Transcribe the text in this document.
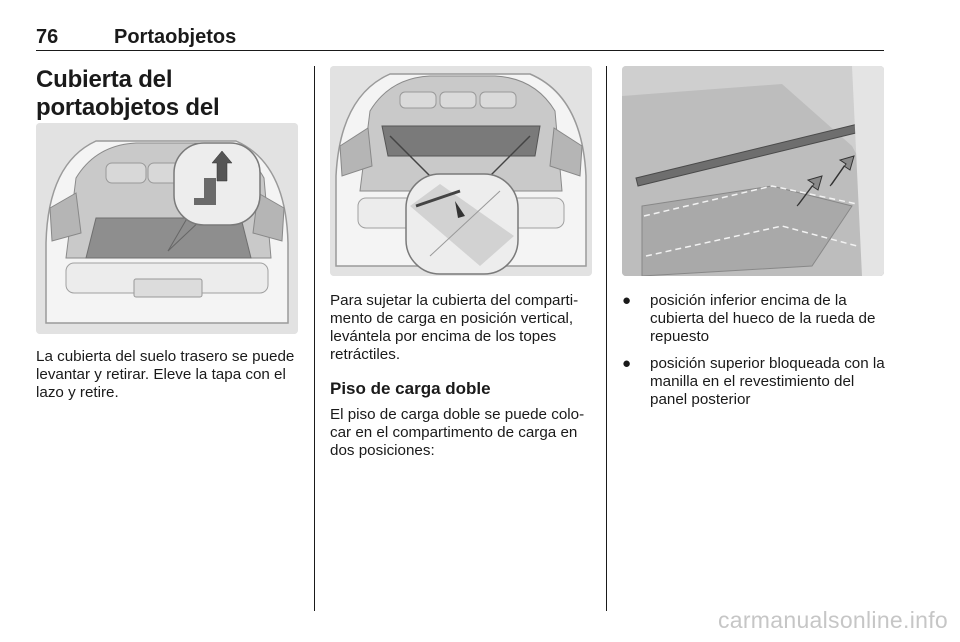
76	Portaobjetos
Cubierta del portaobjetos del

La cubierta del suelo trasero se puede levantar y retirar. Eleve la tapa con el lazo y retire.

Para sujetar la cubierta del comparti-mento de carga en posición vertical, levántela por encima de los topes retráctiles.

Piso de carga doble

El piso de carga doble se puede colo-car en el compartimento de carga en dos posiciones:

●	posición inferior encima de la cubierta del hueco de la rueda de repuesto
●	posición superior bloqueada con la manilla en el revestimiento del panel posterior
carmanualsonline.info
